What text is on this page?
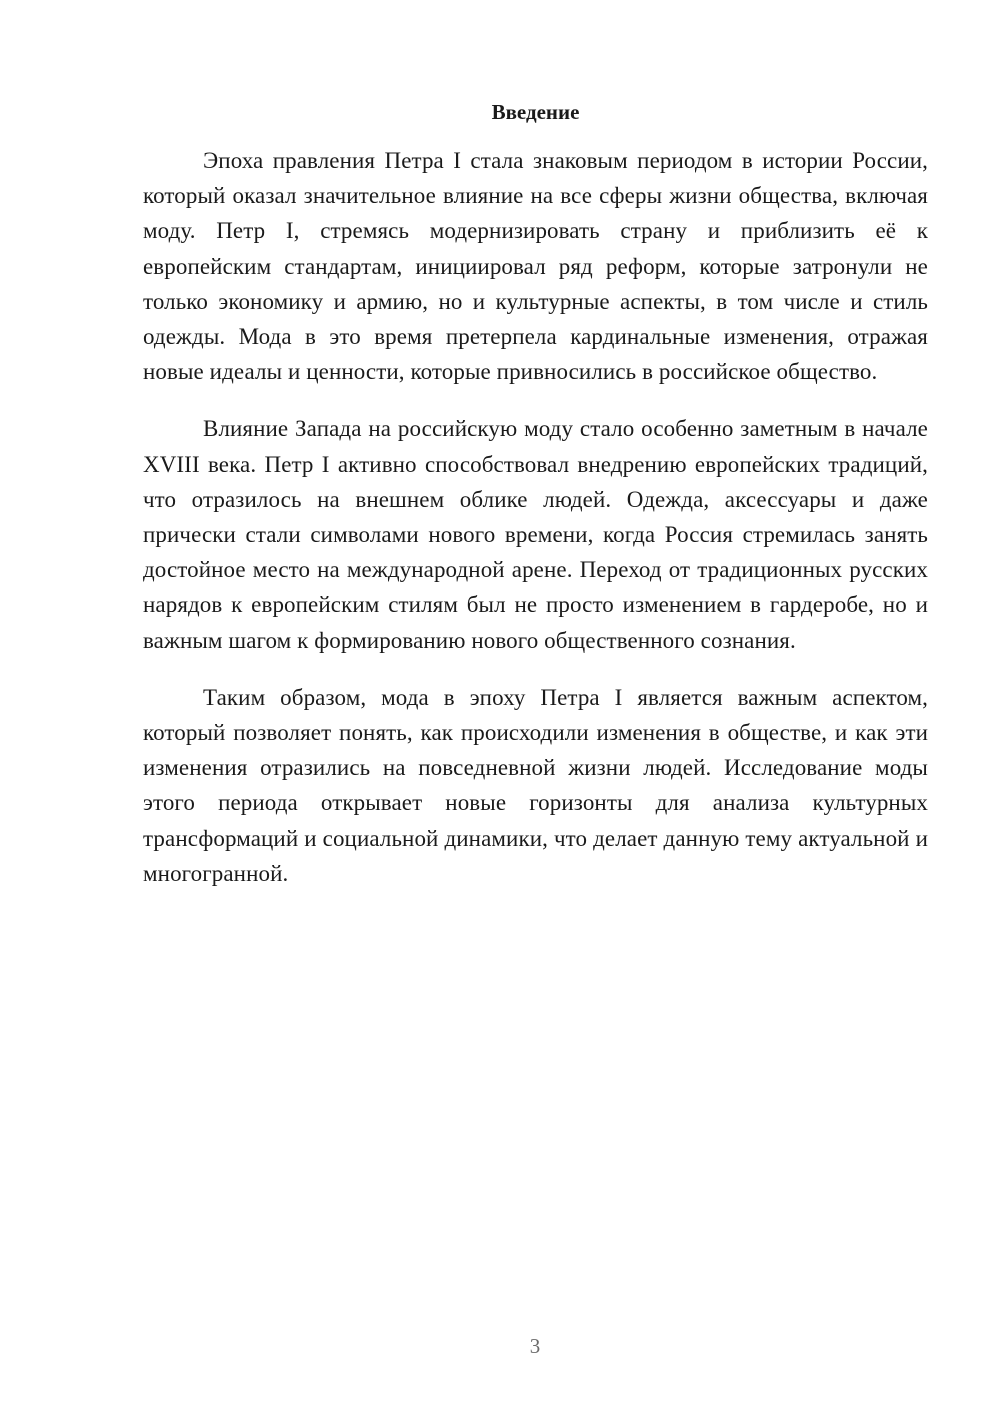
Введение

Эпоха правления Петра I стала знаковым периодом в истории России, который оказал значительное влияние на все сферы жизни общества, включая моду. Петр I, стремясь модернизировать страну и приблизить её к европейским стандартам, инициировал ряд реформ, которые затронули не только экономику и армию, но и культурные аспекты, в том числе и стиль одежды. Мода в это время претерпела кардинальные изменения, отражая новые идеалы и ценности, которые привносились в российское общество.

Влияние Запада на российскую моду стало особенно заметным в начале XVIII века. Петр I активно способствовал внедрению европейских традиций, что отразилось на внешнем облике людей. Одежда, аксессуары и даже прически стали символами нового времени, когда Россия стремилась занять достойное место на международной арене. Переход от традиционных русских нарядов к европейским стилям был не просто изменением в гардеробе, но и важным шагом к формированию нового общественного сознания.

Таким образом, мода в эпоху Петра I является важным аспектом, который позволяет понять, как происходили изменения в обществе, и как эти изменения отразились на повседневной жизни людей. Исследование моды этого периода открывает новые горизонты для анализа культурных трансформаций и социальной динамики, что делает данную тему актуальной и многогранной.

3
